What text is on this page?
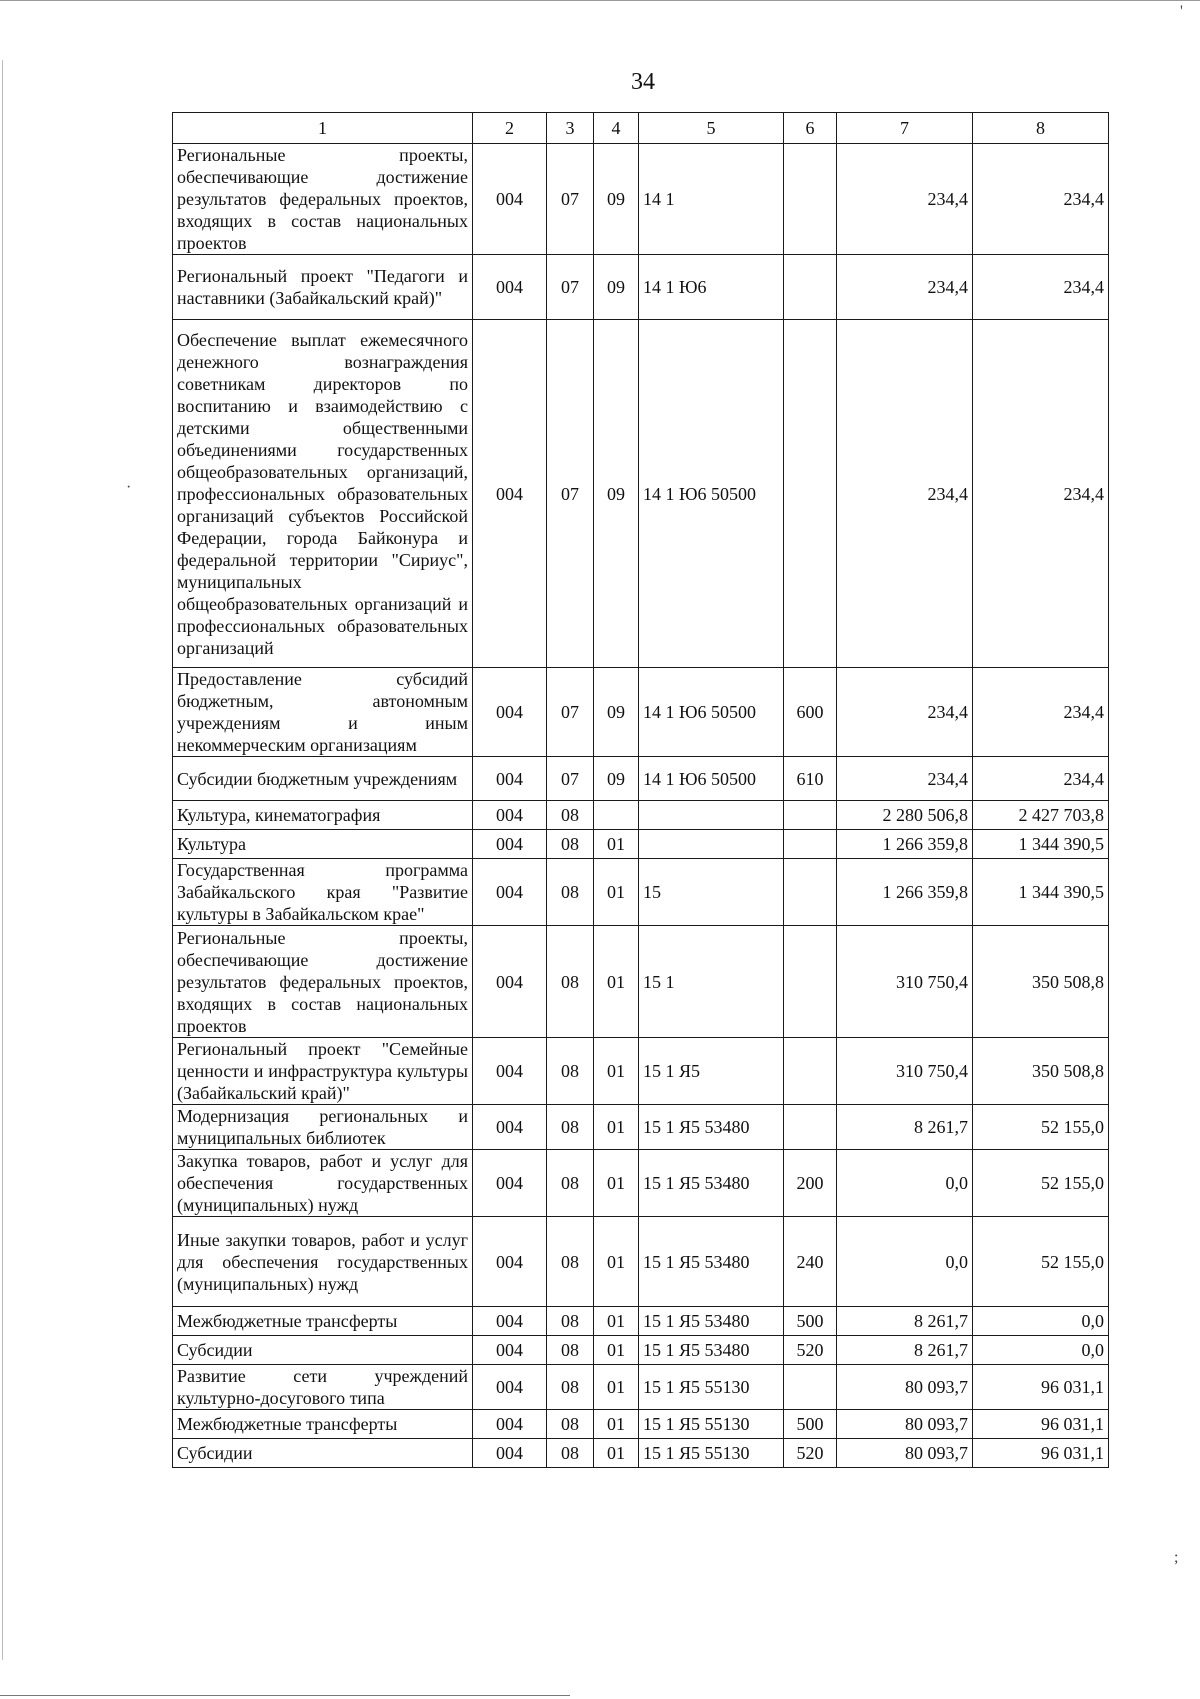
'
·
;
34
1	2	3	4	5	6	7	8
Региональные проекты, обеспечивающие достижение результатов федеральных проектов, входящих в состав национальных проектов	004	07	09	14 1		234,4	234,4
Региональный проект "Педагоги и наставники (Забайкальский край)"	004	07	09	14 1 Ю6		234,4	234,4
Обеспечение выплат ежемесячного денежного вознаграждения советникам директоров по воспитанию и взаимодействию с детскими общественными объединениями государственных общеобразовательных организаций, профессиональных образовательных организаций субъектов Российской Федерации, города Байконура и федеральной территории "Сириус", муниципальных общеобразовательных организаций и профессиональных образовательных организаций	004	07	09	14 1 Ю6 50500		234,4	234,4
Предоставление субсидий бюджетным, автономным учреждениям и иным некоммерческим организациям	004	07	09	14 1 Ю6 50500	600	234,4	234,4
Субсидии бюджетным учреждениям	004	07	09	14 1 Ю6 50500	610	234,4	234,4
Культура, кинематография	004	08				2 280 506,8	2 427 703,8
Культура	004	08	01			1 266 359,8	1 344 390,5
Государственная программа Забайкальского края "Развитие культуры в Забайкальском крае"	004	08	01	15		1 266 359,8	1 344 390,5
Региональные проекты, обеспечивающие достижение результатов федеральных проектов, входящих в состав национальных проектов	004	08	01	15 1		310 750,4	350 508,8
Региональный проект "Семейные ценности и инфраструктура культуры (Забайкальский край)"	004	08	01	15 1 Я5		310 750,4	350 508,8
Модернизация региональных и муниципальных библиотек	004	08	01	15 1 Я5 53480		8 261,7	52 155,0
Закупка товаров, работ и услуг для обеспечения государственных (муниципальных) нужд	004	08	01	15 1 Я5 53480	200	0,0	52 155,0
Иные закупки товаров, работ и услуг для обеспечения государственных (муниципальных) нужд	004	08	01	15 1 Я5 53480	240	0,0	52 155,0
Межбюджетные трансферты	004	08	01	15 1 Я5 53480	500	8 261,7	0,0
Субсидии	004	08	01	15 1 Я5 53480	520	8 261,7	0,0
Развитие сети учреждений культурно-досугового типа	004	08	01	15 1 Я5 55130		80 093,7	96 031,1
Межбюджетные трансферты	004	08	01	15 1 Я5 55130	500	80 093,7	96 031,1
Субсидии	004	08	01	15 1 Я5 55130	520	80 093,7	96 031,1
